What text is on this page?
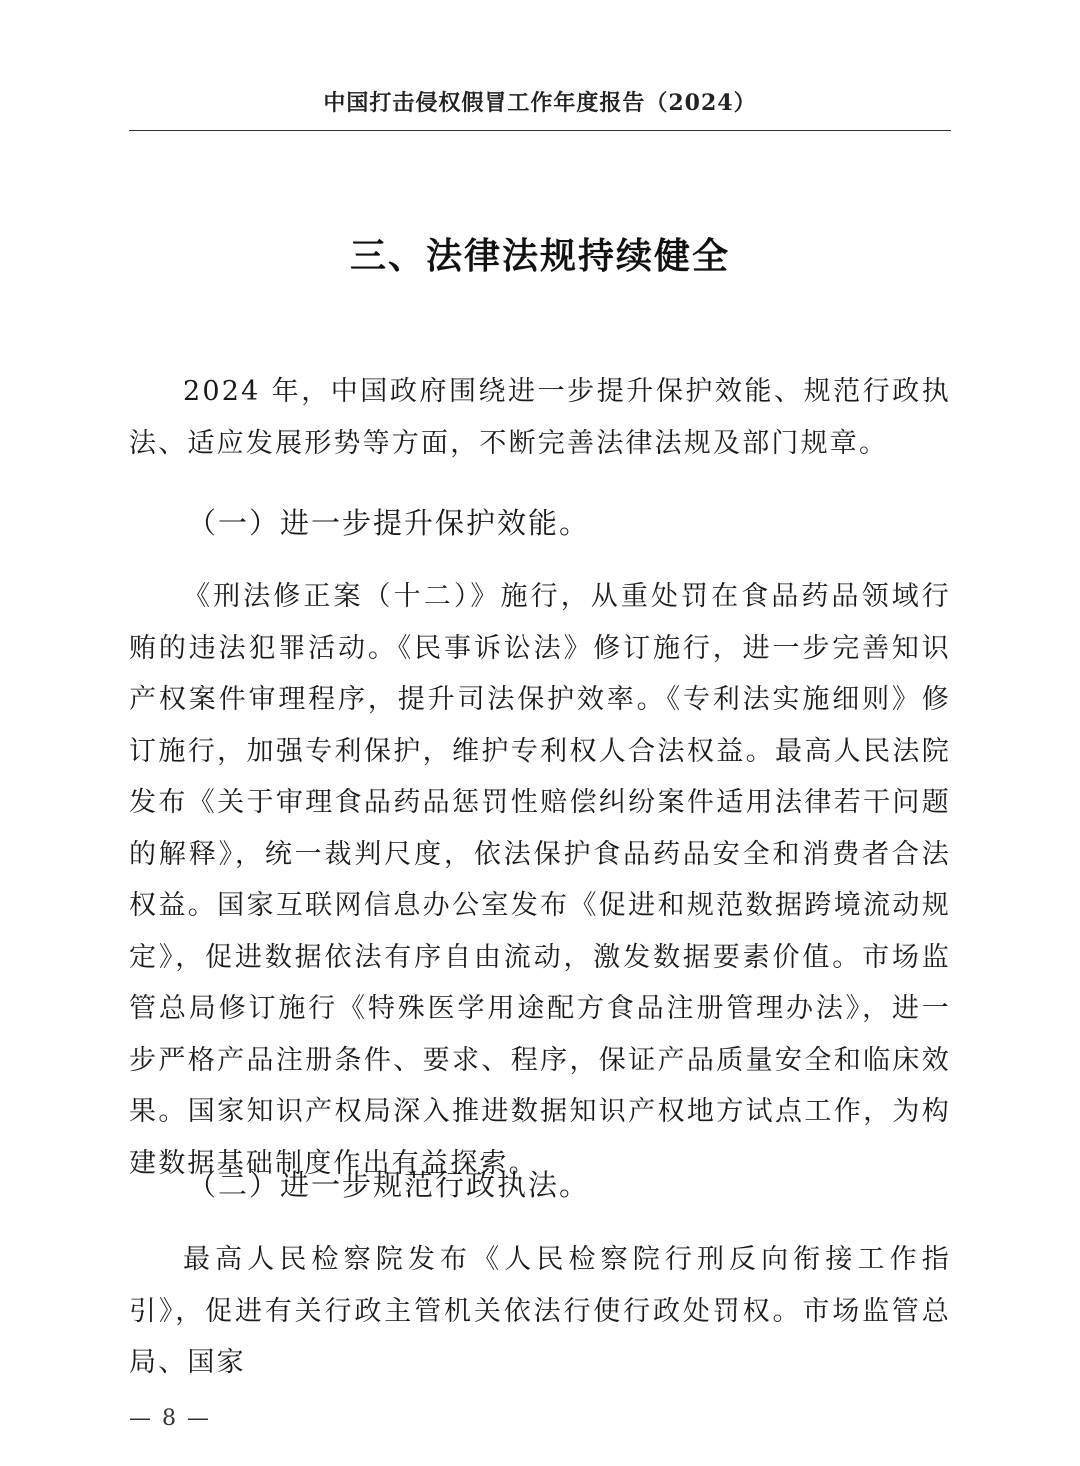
中国打击侵权假冒工作年度报告（2024）
三、法律法规持续健全

2024 年，中国政府围绕进一步提升保护效能、规范行政执法、适应发展形势等方面，不断完善法律法规及部门规章。

（一）进一步提升保护效能。

《刑法修正案（十二）》施行，从重处罚在食品药品领域行贿的违法犯罪活动。《民事诉讼法》修订施行，进一步完善知识产权案件审理程序，提升司法保护效率。《专利法实施细则》修订施行，加强专利保护，维护专利权人合法权益。最高人民法院发布《关于审理食品药品惩罚性赔偿纠纷案件适用法律若干问题的解释》，统一裁判尺度，依法保护食品药品安全和消费者合法权益。国家互联网信息办公室发布《促进和规范数据跨境流动规定》，促进数据依法有序自由流动，激发数据要素价值。市场监管总局修订施行《特殊医学用途配方食品注册管理办法》，进一步严格产品注册条件、要求、程序，保证产品质量安全和临床效果。国家知识产权局深入推进数据知识产权地方试点工作，为构建数据基础制度作出有益探索。

（二）进一步规范行政执法。

最高人民检察院发布《人民检察院行刑反向衔接工作指引》，促进有关行政主管机关依法行使行政处罚权。市场监管总局、国家

— 8 —
